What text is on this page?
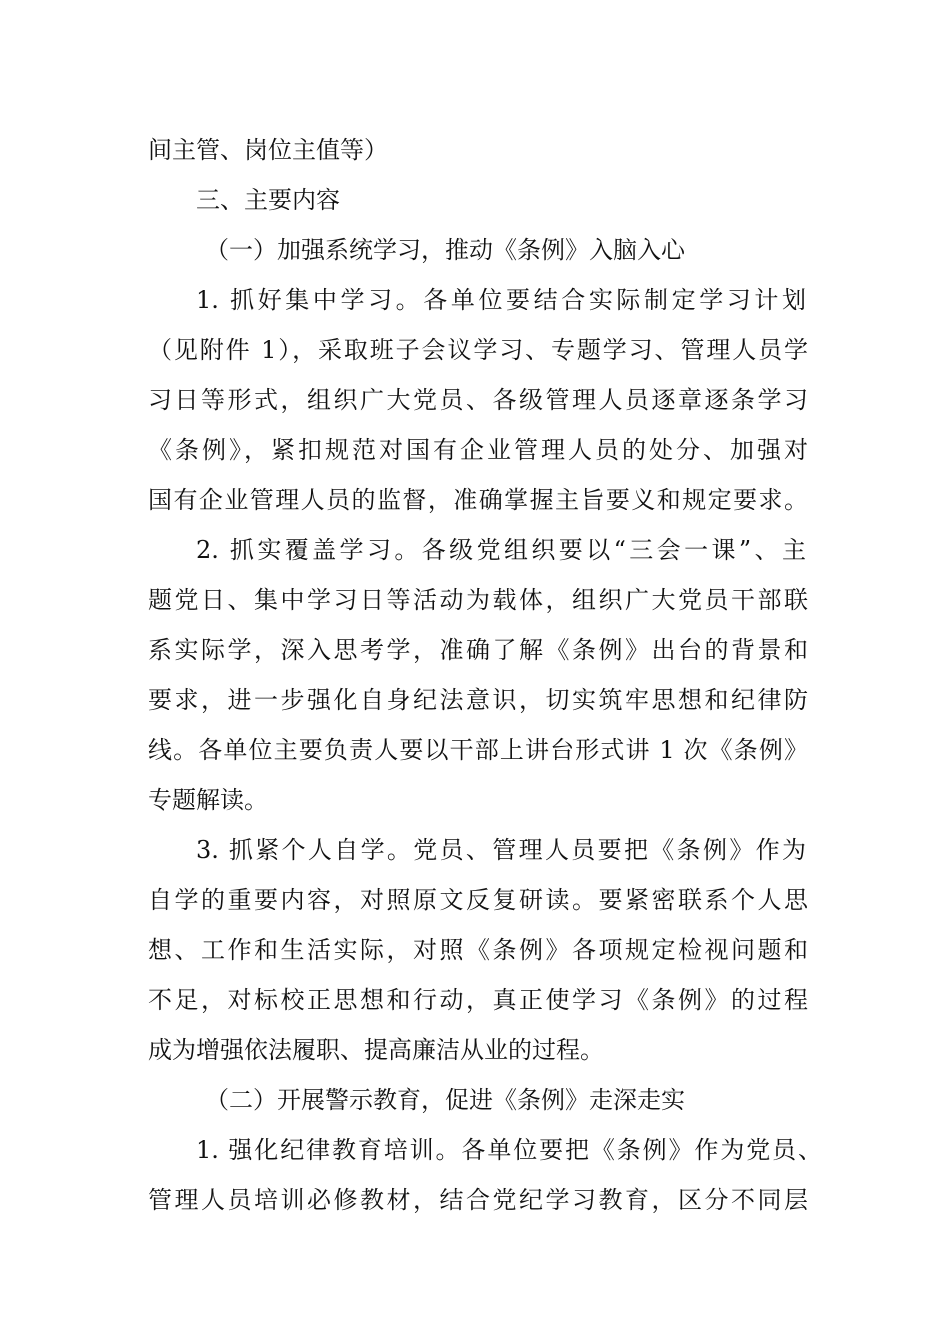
间主管、岗位主值等）
三、主要内容
（一）加强系统学习，推动《条例》入脑入心
1. 抓好集中学习。各单位要结合实际制定学习计划
（见附件 1），采取班子会议学习、专题学习、管理人员学
习日等形式，组织广大党员、各级管理人员逐章逐条学习
《条例》，紧扣规范对国有企业管理人员的处分、加强对
国有企业管理人员的监督，准确掌握主旨要义和规定要求。
2. 抓实覆盖学习。各级党组织要以“三会一课”、主
题党日、集中学习日等活动为载体，组织广大党员干部联
系实际学，深入思考学，准确了解《条例》出台的背景和
要求，进一步强化自身纪法意识，切实筑牢思想和纪律防
线。各单位主要负责人要以干部上讲台形式讲 1 次《条例》
专题解读。
3. 抓紧个人自学。党员、管理人员要把《条例》作为
自学的重要内容，对照原文反复研读。要紧密联系个人思
想、工作和生活实际，对照《条例》各项规定检视问题和
不足，对标校正思想和行动，真正使学习《条例》的过程
成为增强依法履职、提高廉洁从业的过程。
（二）开展警示教育，促进《条例》走深走实
1. 强化纪律教育培训。各单位要把《条例》作为党员、
管理人员培训必修教材，结合党纪学习教育，区分不同层
